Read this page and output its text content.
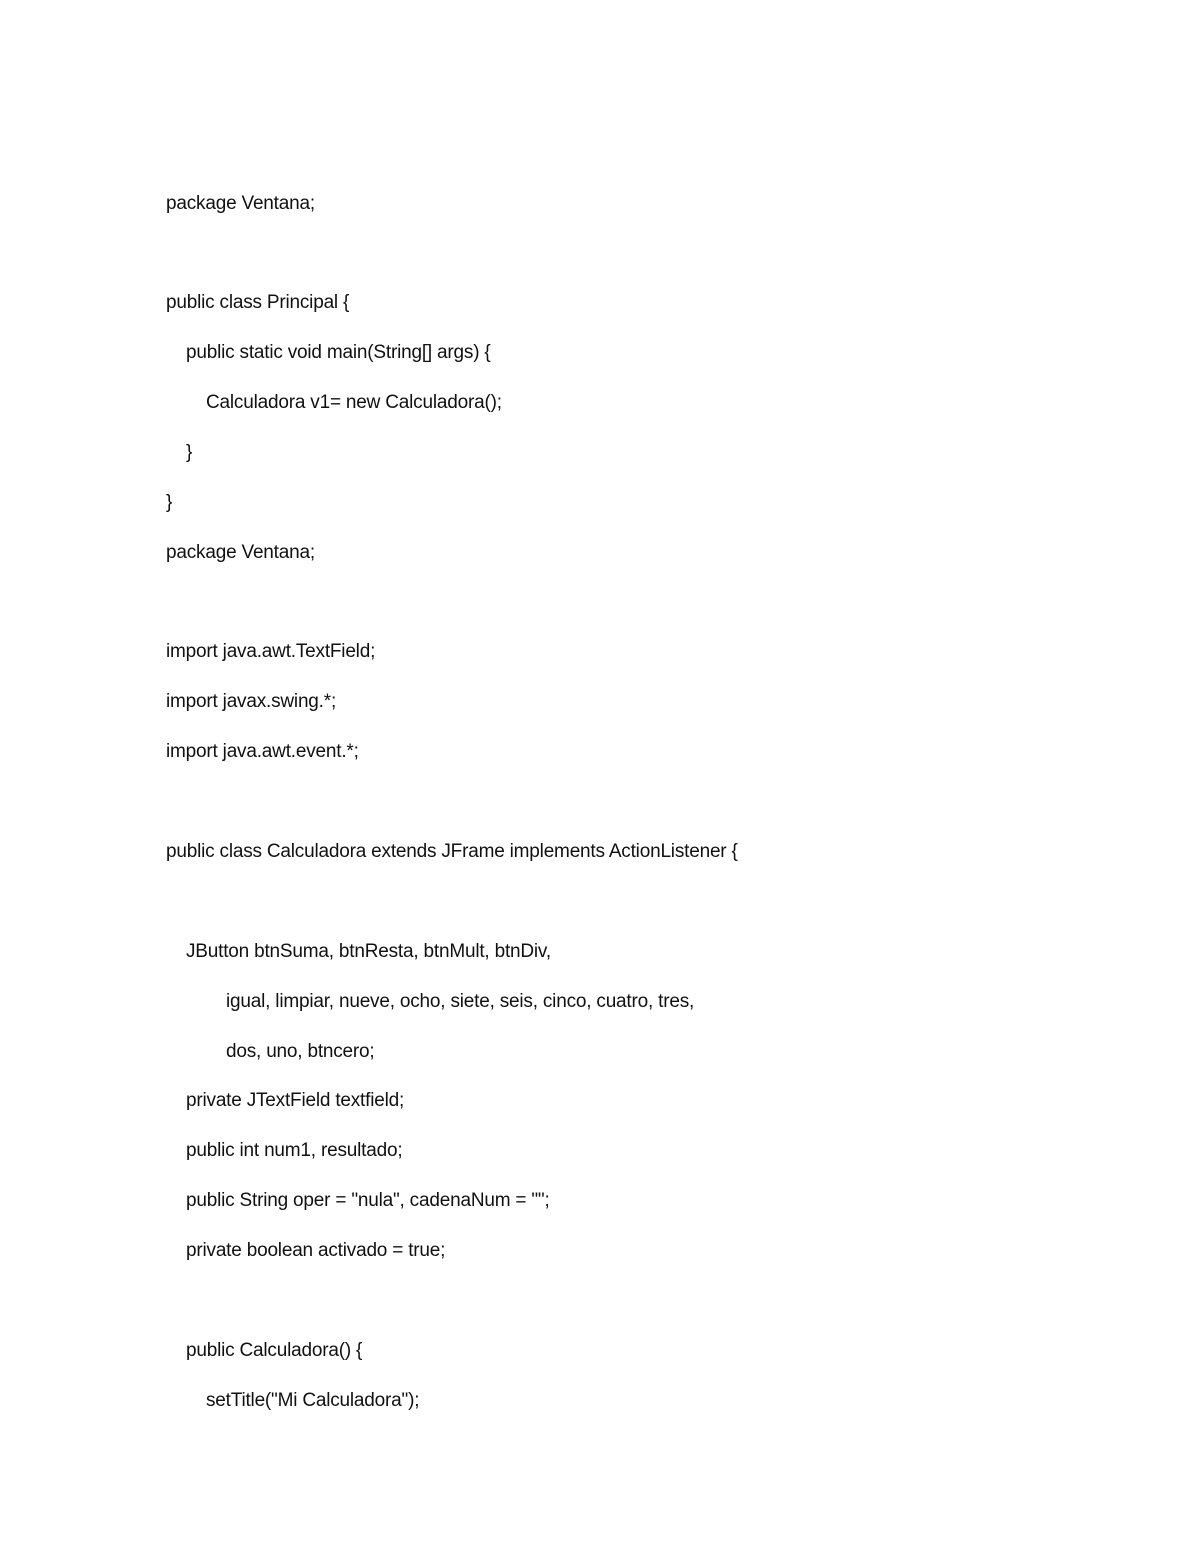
package Ventana;
public class Principal {
public static void main(String[] args) {
Calculadora v1= new Calculadora();
}
}
package Ventana;
import java.awt.TextField;
import javax.swing.*;
import java.awt.event.*;
public class Calculadora extends JFrame implements ActionListener {
JButton btnSuma, btnResta, btnMult, btnDiv,
igual, limpiar, nueve, ocho, siete, seis, cinco, cuatro, tres,
dos, uno, btncero;
private JTextField textfield;
public int num1, resultado;
public String oper = "nula", cadenaNum = "";
private boolean activado = true;
public Calculadora() {
setTitle("Mi Calculadora");
